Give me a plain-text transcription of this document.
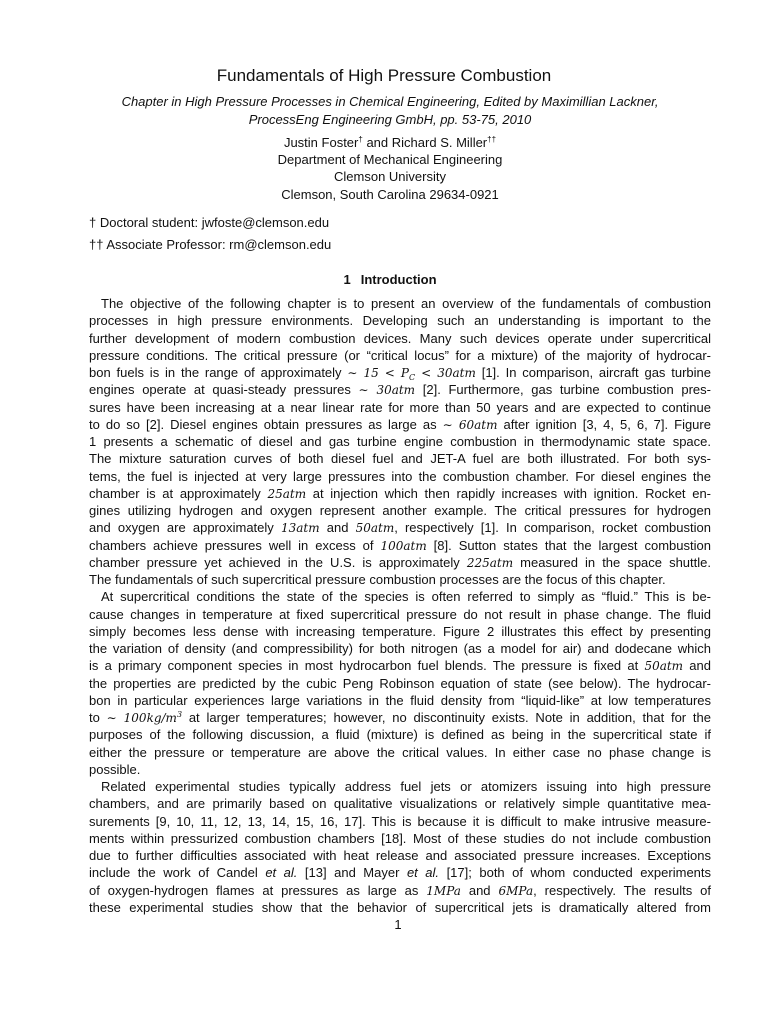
Fundamentals of High Pressure Combustion
Chapter in High Pressure Processes in Chemical Engineering, Edited by Maximillian Lackner,
ProcessEng Engineering GmbH, pp. 53-75, 2010
Justin Foster† and Richard S. Miller††
Department of Mechanical Engineering
Clemson University
Clemson, South Carolina 29634-0921
† Doctoral student: jwfoste@clemson.edu
†† Associate Professor: rm@clemson.edu
1 Introduction
The objective of the following chapter is to present an overview of the fundamentals of combustion
processes in high pressure environments. Developing such an understanding is important to the
further development of modern combustion devices. Many such devices operate under supercritical
pressure conditions. The critical pressure (or “critical locus” for a mixture) of the majority of hydrocar-
bon fuels is in the range of approximately ∼ $15 < P_C < 30atm$ [1]. In comparison, aircraft gas turbine
engines operate at quasi-steady pressures ∼ 30atm [2]. Furthermore, gas turbine combustion pres-
sures have been increasing at a near linear rate for more than 50 years and are expected to continue
to do so [2]. Diesel engines obtain pressures as large as ∼ 60atm after ignition [3, 4, 5, 6, 7]. Figure
1 presents a schematic of diesel and gas turbine engine combustion in thermodynamic state space.
The mixture saturation curves of both diesel fuel and JET-A fuel are both illustrated. For both sys-
tems, the fuel is injected at very large pressures into the combustion chamber. For diesel engines the
chamber is at approximately 25atm at injection which then rapidly increases with ignition. Rocket en-
gines utilizing hydrogen and oxygen represent another example. The critical pressures for hydrogen
and oxygen are approximately 13atm and 50atm, respectively [1]. In comparison, rocket combustion
chambers achieve pressures well in excess of 100atm [8]. Sutton states that the largest combustion
chamber pressure yet achieved in the U.S. is approximately 225atm measured in the space shuttle.
The fundamentals of such supercritical pressure combustion processes are the focus of this chapter.
At supercritical conditions the state of the species is often referred to simply as “fluid.” This is be-
cause changes in temperature at fixed supercritical pressure do not result in phase change. The fluid
simply becomes less dense with increasing temperature. Figure 2 illustrates this effect by presenting
the variation of density (and compressibility) for both nitrogen (as a model for air) and dodecane which
is a primary component species in most hydrocarbon fuel blends. The pressure is fixed at 50atm and
the properties are predicted by the cubic Peng Robinson equation of state (see below). The hydrocar-
bon in particular experiences large variations in the fluid density from “liquid-like” at low temperatures
to ∼ $100kg/m^3$ at larger temperatures; however, no discontinuity exists. Note in addition, that for the
purposes of the following discussion, a fluid (mixture) is defined as being in the supercritical state if
either the pressure or temperature are above the critical values. In either case no phase change is
possible.
Related experimental studies typically address fuel jets or atomizers issuing into high pressure
chambers, and are primarily based on qualitative visualizations or relatively simple quantitative mea-
surements [9, 10, 11, 12, 13, 14, 15, 16, 17]. This is because it is difficult to make intrusive measure-
ments within pressurized combustion chambers [18]. Most of these studies do not include combustion
due to further difficulties associated with heat release and associated pressure increases. Exceptions
include the work of Candel et al. [13] and Mayer et al. [17]; both of whom conducted experiments
of oxygen-hydrogen flames at pressures as large as 1MPa and 6MPa, respectively. The results of
these experimental studies show that the behavior of supercritical jets is dramatically altered from
1
